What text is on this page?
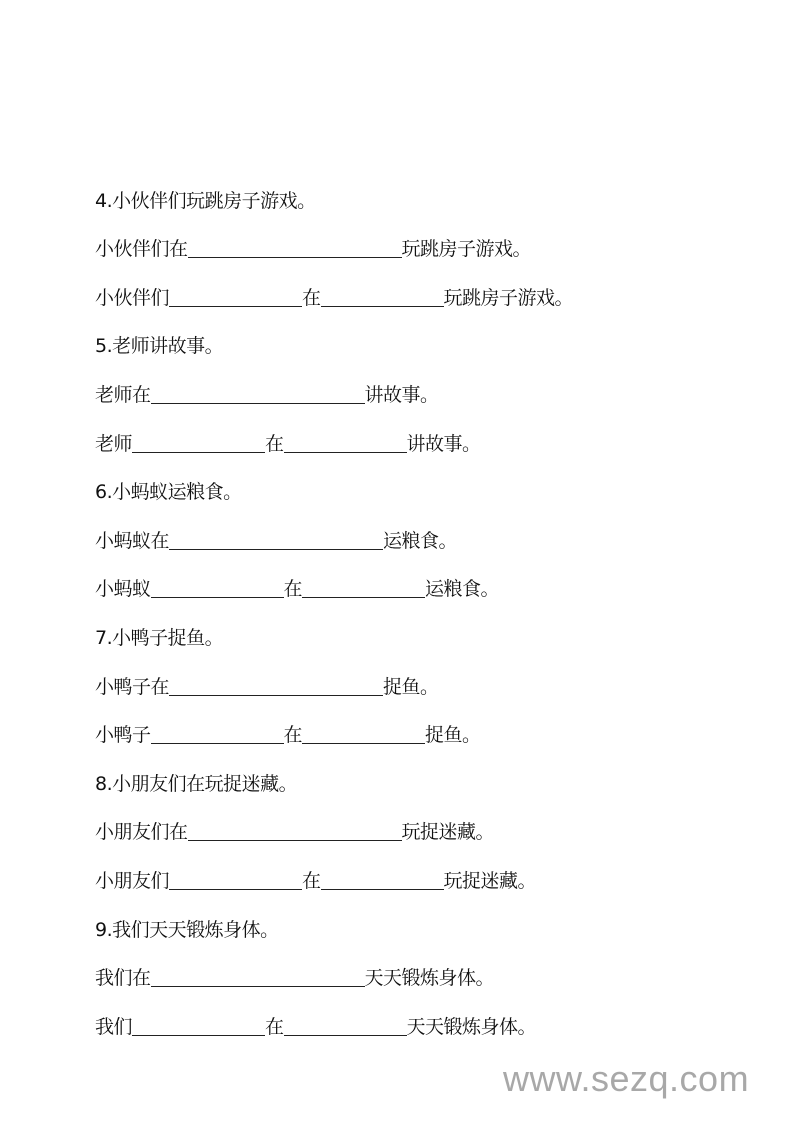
4.小伙伴们玩跳房子游戏。
小伙伴们在	玩跳房子游戏。
小伙伴们	在	玩跳房子游戏。
5.老师讲故事。
老师在	讲故事。
老师	在	讲故事。
6.小蚂蚁运粮食。
小蚂蚁在	运粮食。
小蚂蚁	在	运粮食。
7.小鸭子捉鱼。
小鸭子在	捉鱼。
小鸭子	在	捉鱼。
8.小朋友们在玩捉迷藏。
小朋友们在	玩捉迷藏。
小朋友们	在	玩捉迷藏。
9.我们天天锻炼身体。
我们在	天天锻炼身体。
我们	在	天天锻炼身体。
www.sezq.com
